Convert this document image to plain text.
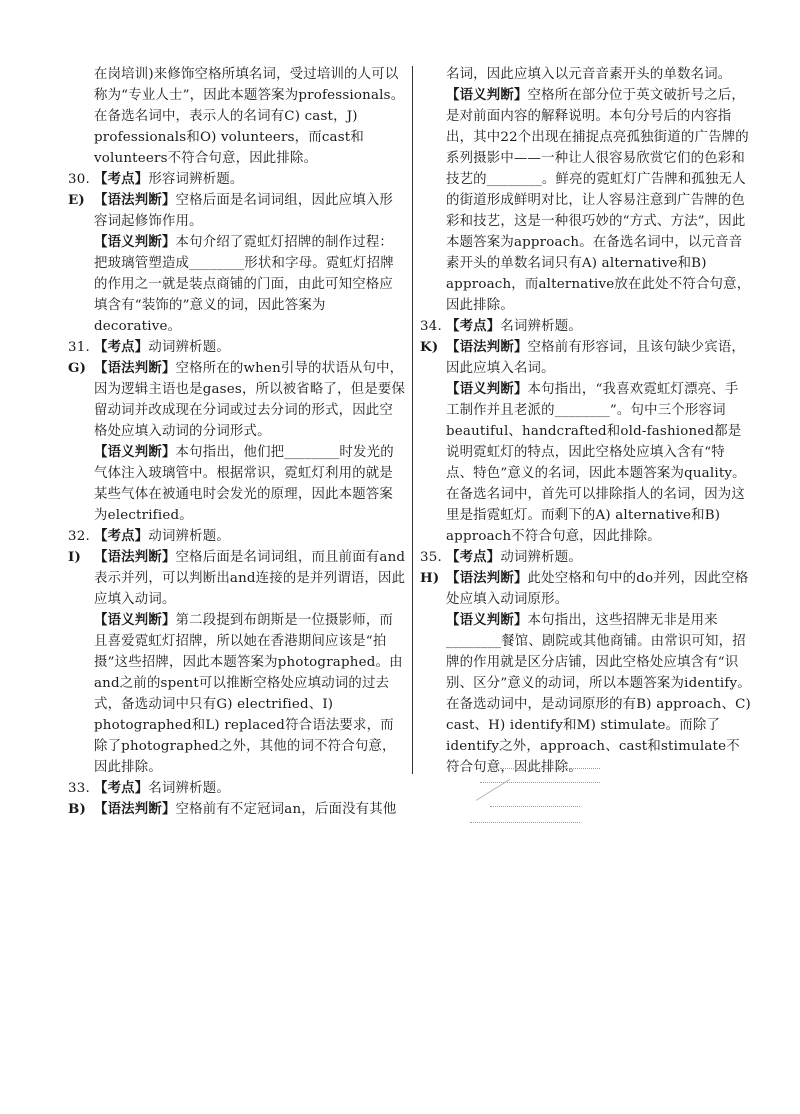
在岗培训)来修饰空格所填名词，受过培训的人可以称为“专业人士”，因此本题答案为professionals。在备选名词中，表示人的名词有C) cast，J) professionals和O) volunteers，而cast和volunteers不符合句意，因此排除。
30. 【考点】形容词辨析题。
E) 【语法判断】空格后面是名词词组，因此应填入形容词起修饰作用。
【语义判断】本句介绍了霓虹灯招牌的制作过程：把玻璃管塑造成________形状和字母。霓虹灯招牌的作用之一就是装点商铺的门面，由此可知空格应填含有“装饰的”意义的词，因此答案为decorative。
31. 【考点】动词辨析题。
G) 【语法判断】空格所在的when引导的状语从句中，因为逻辑主语也是gases，所以被省略了，但是要保留动词并改成现在分词或过去分词的形式，因此空格处应填入动词的分词形式。
【语义判断】本句指出，他们把________时发光的气体注入玻璃管中。根据常识，霓虹灯利用的就是某些气体在被通电时会发光的原理，因此本题答案为electrified。
32. 【考点】动词辨析题。
I) 【语法判断】空格后面是名词词组，而且前面有and表示并列，可以判断出and连接的是并列谓语，因此应填入动词。
【语义判断】第二段提到布朗斯是一位摄影师，而且喜爱霓虹灯招牌，所以她在香港期间应该是“拍摄”这些招牌，因此本题答案为photographed。由and之前的spent可以推断空格处应填动词的过去式，备选动词中只有G) electrified、I) photographed和L) replaced符合语法要求，而除了photographed之外，其他的词不符合句意，因此排除。
33. 【考点】名词辨析题。
B) 【语法判断】空格前有不定冠词an，后面没有其他
名词，因此应填入以元音音素开头的单数名词。
【语义判断】空格所在部分位于英文破折号之后，是对前面内容的解释说明。本句分号后的内容指出，其中22个出现在捕捉点亮孤独街道的广告牌的系列摄影中——一种让人很容易欣赏它们的色彩和技艺的________。鲜亮的霓虹灯广告牌和孤独无人的街道形成鲜明对比，让人容易注意到广告牌的色彩和技艺，这是一种很巧妙的“方式、方法”，因此本题答案为approach。在备选名词中，以元音音素开头的单数名词只有A) alternative和B) approach，而alternative放在此处不符合句意，因此排除。
34. 【考点】名词辨析题。
K) 【语法判断】空格前有形容词，且该句缺少宾语，因此应填入名词。
【语义判断】本句指出，“我喜欢霓虹灯漂亮、手工制作并且老派的________”。句中三个形容词beautiful、handcrafted和old-fashioned都是说明霓虹灯的特点，因此空格处应填入含有“特点、特色”意义的名词，因此本题答案为quality。在备选名词中，首先可以排除指人的名词，因为这里是指霓虹灯。而剩下的A) alternative和B) approach不符合句意，因此排除。
35. 【考点】动词辨析题。
H) 【语法判断】此处空格和句中的do并列，因此空格处应填入动词原形。
【语义判断】本句指出，这些招牌无非是用来________餐馆、剧院或其他商铺。由常识可知，招牌的作用就是区分店铺，因此空格处应填含有“识别、区分”意义的动词，所以本题答案为identify。在备选动词中，是动词原形的有B) approach、C) cast、H) identify和M) stimulate。而除了identify之外，approach、cast和stimulate不符合句意，因此排除。
